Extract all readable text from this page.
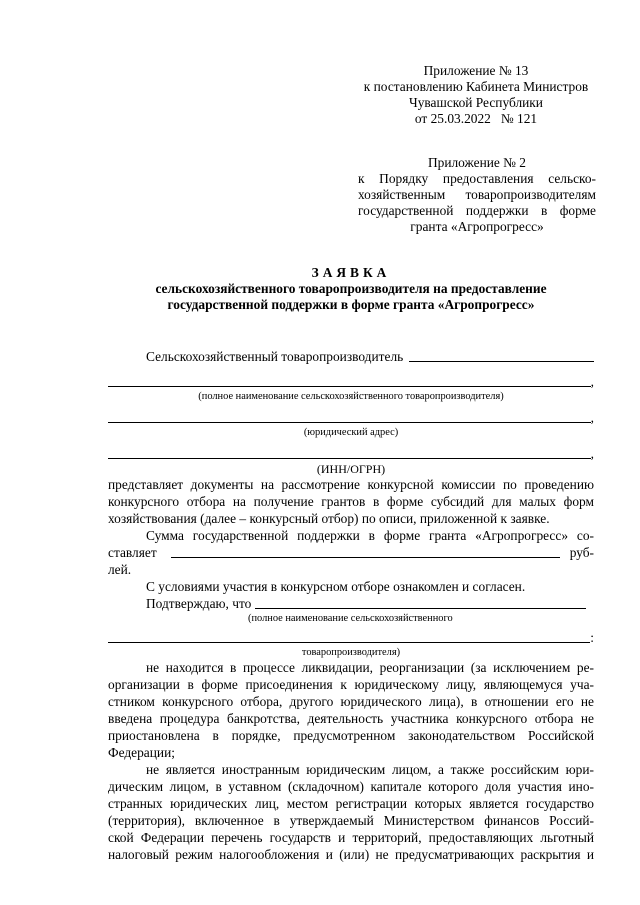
Приложение № 13
к постановлению Кабинета Министров
Чувашской Республики
от 25.03.2022   № 121
Приложение № 2
к Порядку предоставления сельско-
хозяйственным товаропроизводителям
государственной поддержки в форме
гранта «Агропрогресс»
ЗАЯВКА
сельскохозяйственного товаропроизводителя на предоставление
государственной поддержки в форме гранта «Агропрогресс»
Сельскохозяйственный товаропроизводитель
,
(полное наименование сельскохозяйственного товаропроизводителя)
,
(юридический адрес)
,
(ИНН/ОГРН)
представляет документы на рассмотрение конкурсной комиссии по проведению
конкурсного отбора на получение грантов в форме субсидий для малых форм
хозяйствования (далее – конкурсный отбор) по описи, приложенной к заявке.
Сумма государственной поддержки в форме гранта «Агропрогресс» со-
ставляет	руб-
лей.
С условиями участия в конкурсном отборе ознакомлен и согласен.
Подтверждаю, что
(полное наименование сельскохозяйственного
:
товаропроизводителя)
не находится в процессе ликвидации, реорганизации (за исключением ре-
организации в форме присоединения к юридическому лицу, являющемуся уча-
стником конкурсного отбора, другого юридического лица), в отношении его не
введена процедура банкротства, деятельность участника конкурсного отбора не
приостановлена в порядке, предусмотренном законодательством Российской
Федерации;
не является иностранным юридическим лицом, а также российским юри-
дическим лицом, в уставном (складочном) капитале которого доля участия ино-
странных юридических лиц, местом регистрации которых является государство
(территория), включенное в утверждаемый Министерством финансов Россий-
ской Федерации перечень государств и территорий, предоставляющих льготный
налоговый режим налогообложения и (или) не предусматривающих раскрытия и
